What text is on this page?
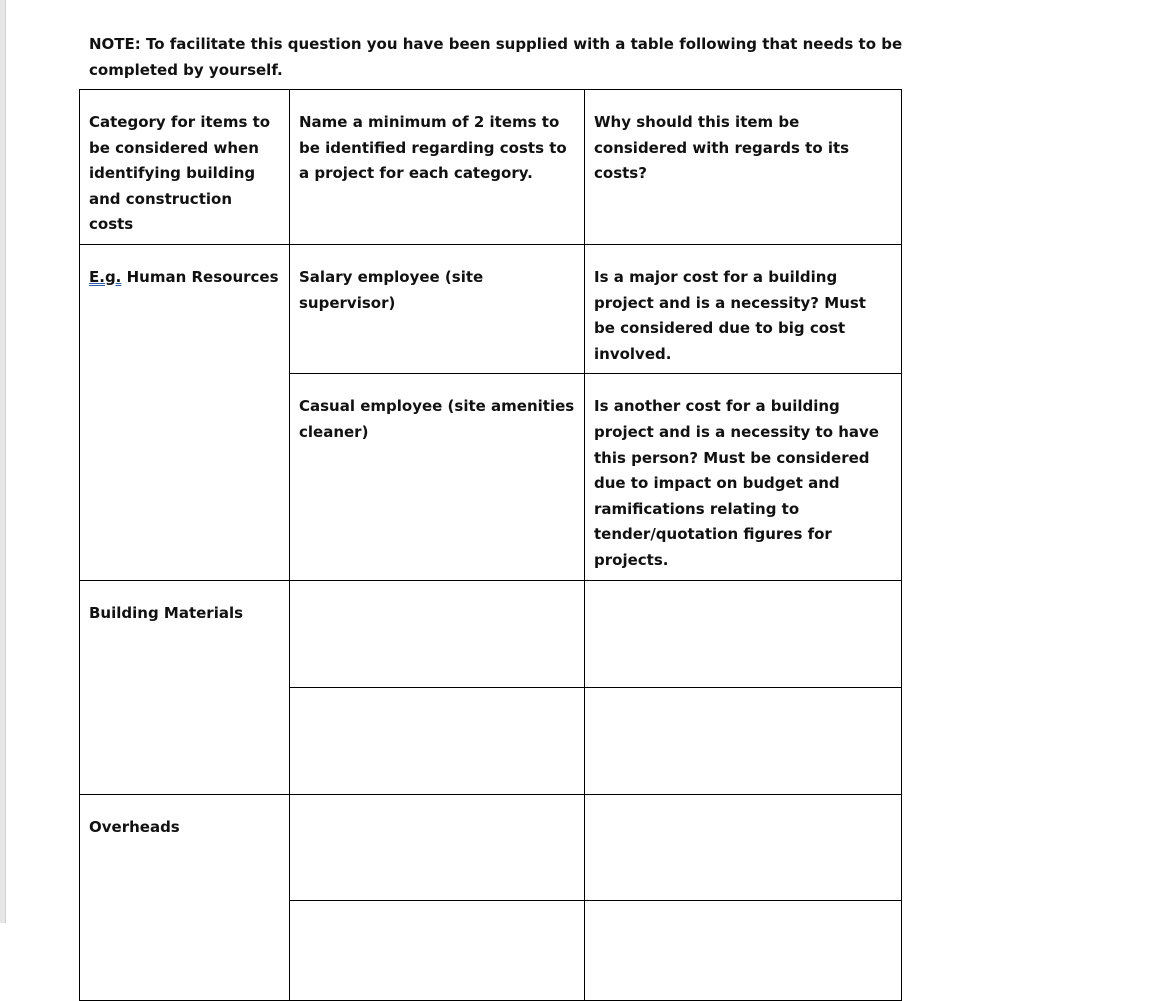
NOTE: To facilitate this question you have been supplied with a table following that needs to be completed by yourself.

Category for items to be considered when identifying building and construction costs	Name a minimum of 2 items to be identified regarding costs to a project for each category.	Why should this item be considered with regards to its costs?
E.g. Human Resources	Salary employee (site supervisor)	Is a major cost for a building project and is a necessity? Must be considered due to big cost involved.
	Casual employee (site amenities cleaner)	Is another cost for a building project and is a necessity to have this person? Must be considered due to impact on budget and ramifications relating to tender/quotation figures for projects.
Building Materials		

Overheads		
